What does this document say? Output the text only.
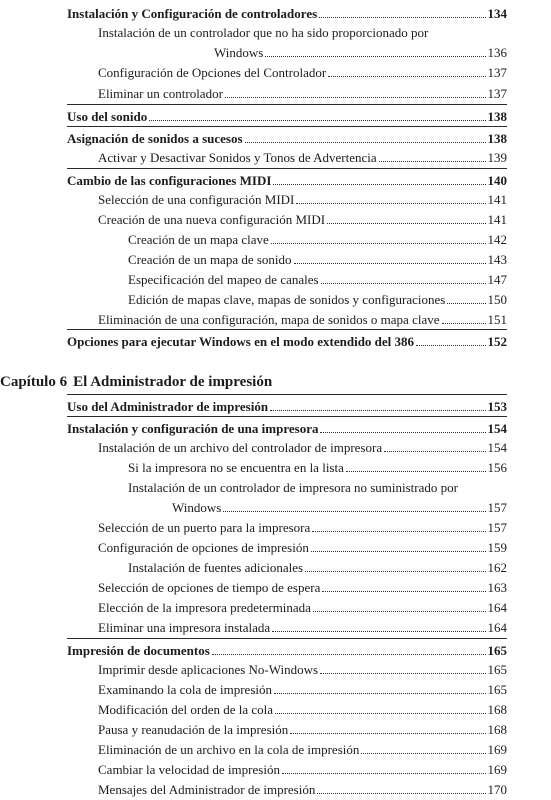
Instalación y Configuración de controladores	134
Instalación de un controlador que no ha sido proporcionado por
Windows	136
Configuración de Opciones del Controlador	137
Eliminar un controlador	137
Uso del sonido	138
Asignación de sonidos a sucesos	138
Activar y Desactivar Sonidos y Tonos de Advertencia	139
Cambio de las configuraciones MIDI	140
Selección de una configuración MIDI	141
Creación de una nueva configuración MIDI	141
Creación de un mapa clave	142
Creación de un mapa de sonido	143
Especificación del mapeo de canales	147
Edición de mapas clave, mapas de sonidos y configuraciones	150
Eliminación de una configuración, mapa de sonidos o mapa clave	151
Opciones para ejecutar Windows en el modo extendido del 386	152
Capítulo 6 El Administrador de impresión
Uso del Administrador de impresión	153
Instalación y configuración de una impresora	154
Instalación de un archivo del controlador de impresora	154
Si la impresora no se encuentra en la lista	156
Instalación de un controlador de impresora no suministrado por
Windows	157
Selección de un puerto para la impresora	157
Configuración de opciones de impresión	159
Instalación de fuentes adicionales	162
Selección de opciones de tiempo de espera	163
Elección de la impresora predeterminada	164
Eliminar una impresora instalada	164
Impresión de documentos	165
Imprimir desde aplicaciones No-Windows	165
Examinando la cola de impresión	165
Modificación del orden de la cola	168
Pausa y reanudación de la impresión	168
Eliminación de un archivo en la cola de impresión	169
Cambiar la velocidad de impresión	169
Mensajes del Administrador de impresión	170
